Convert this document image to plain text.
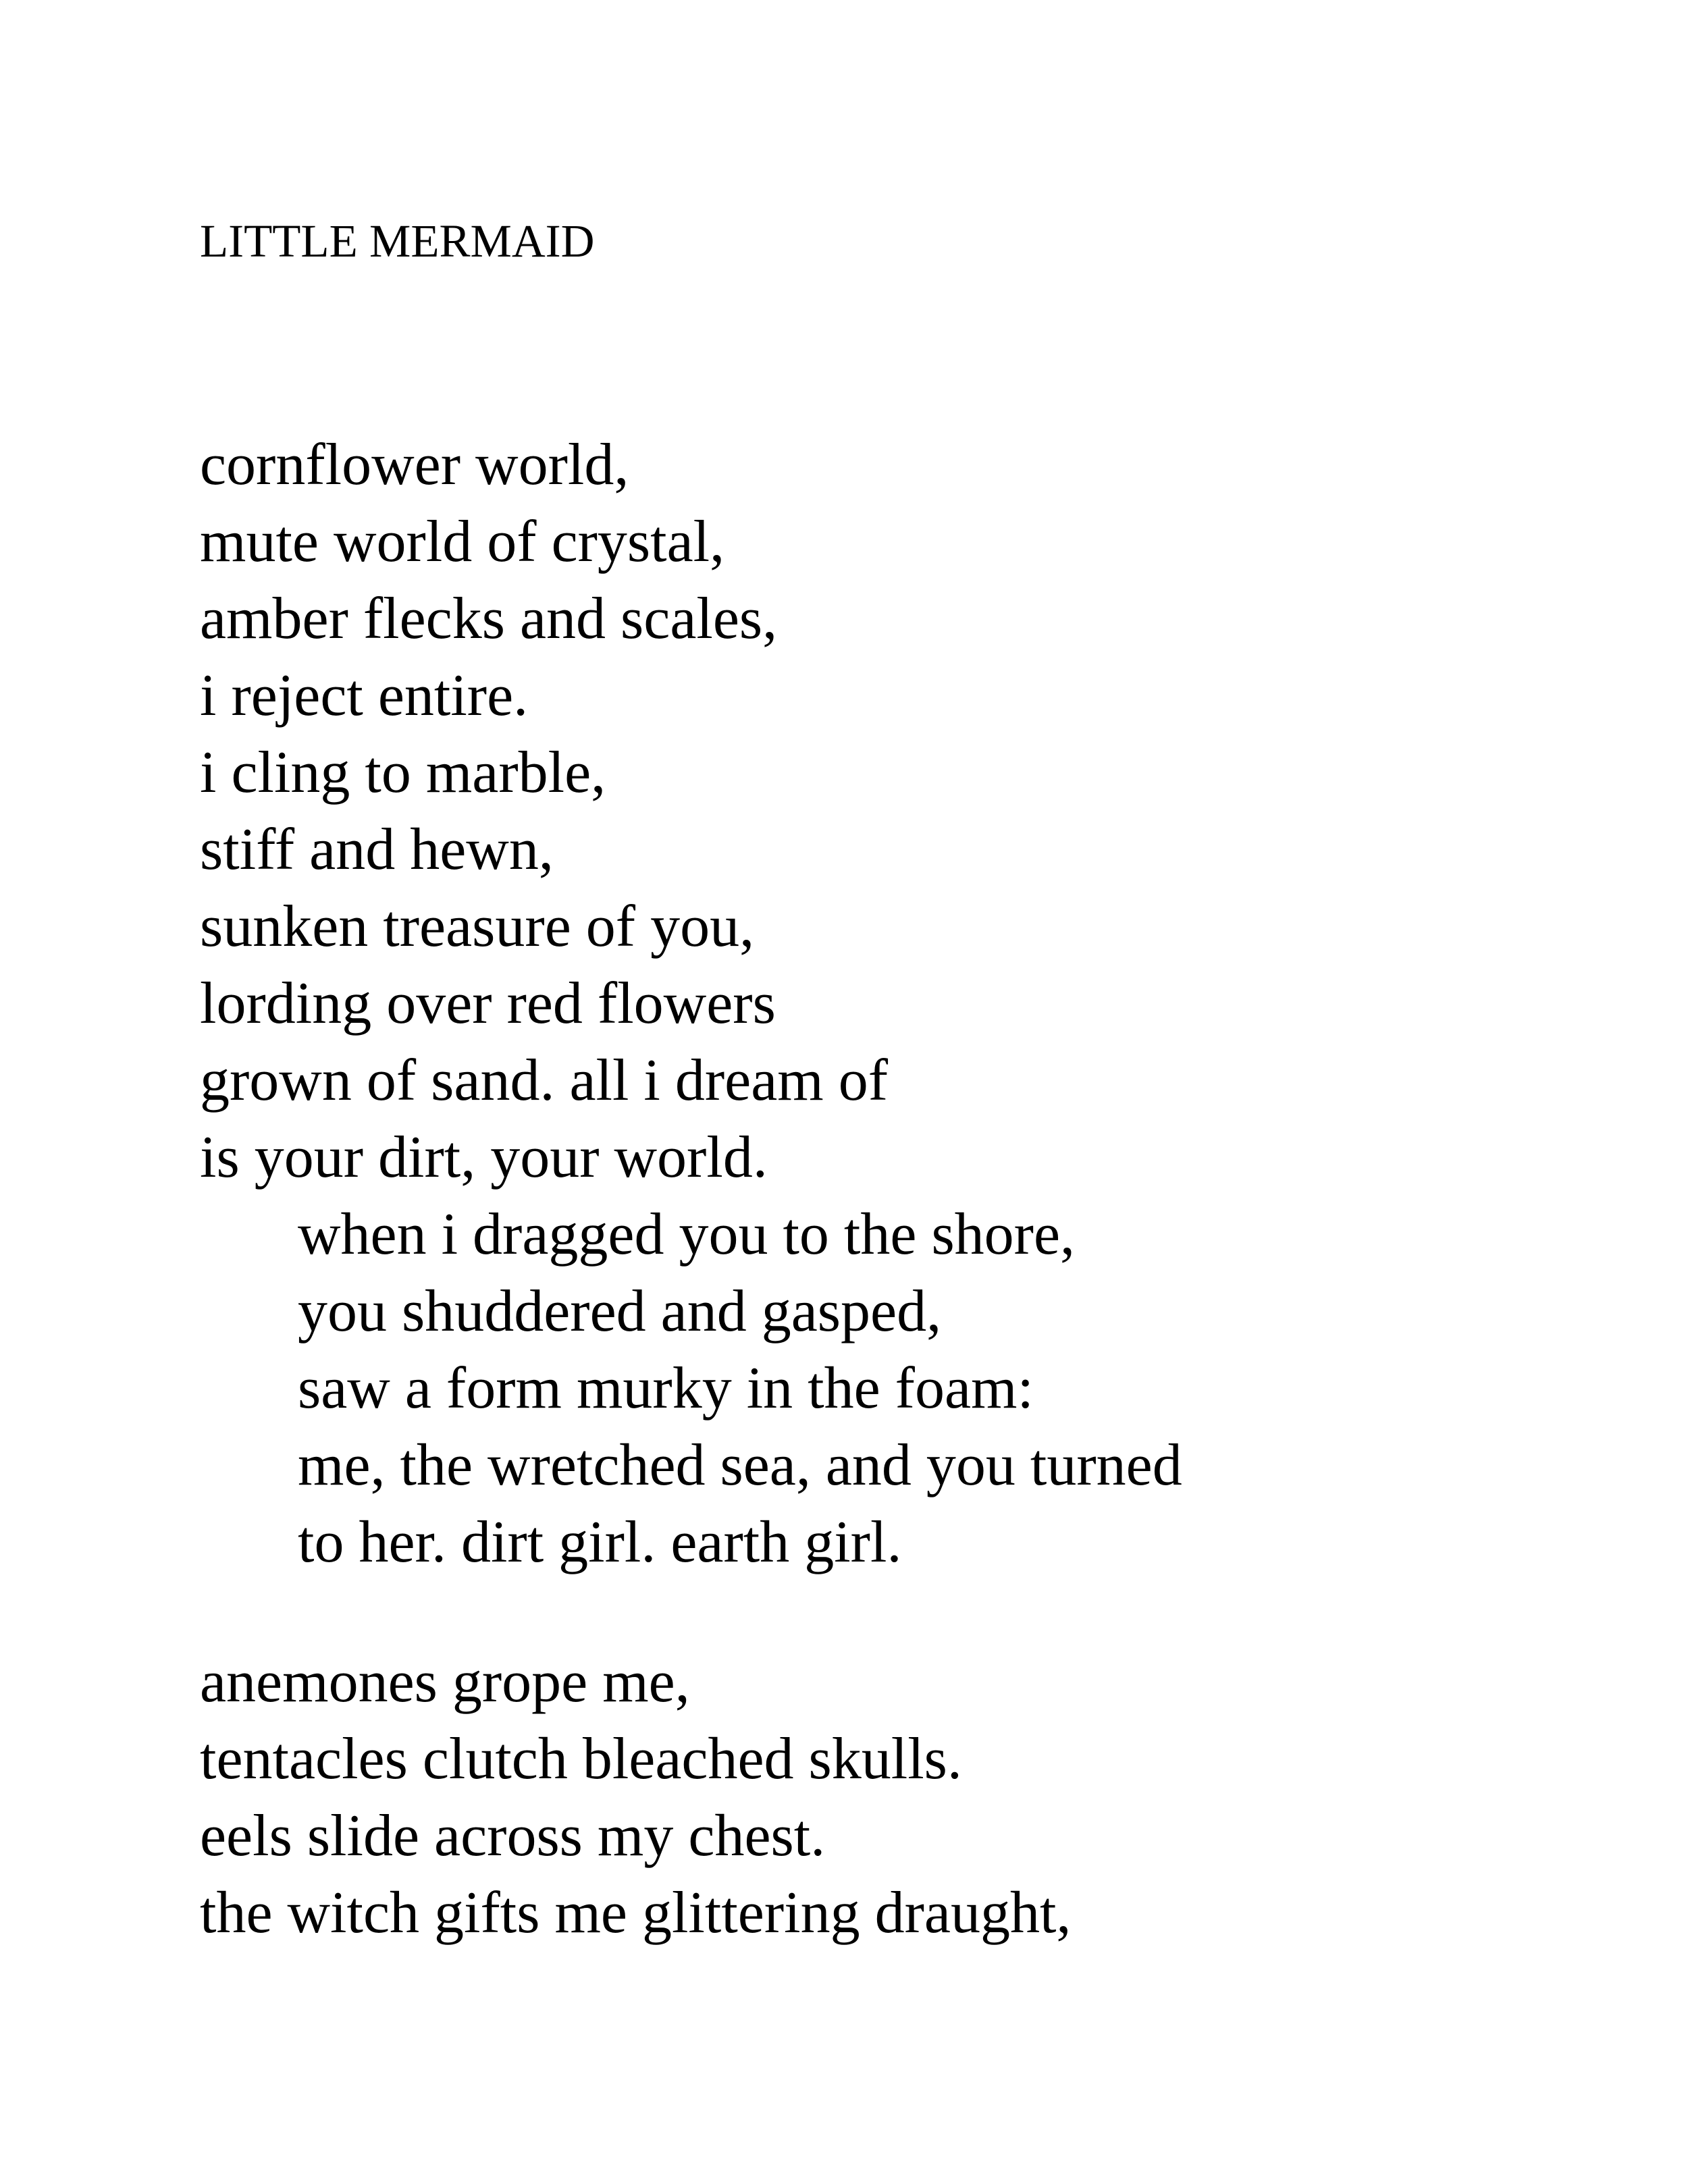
LITTLE MERMAID
cornflower world,
mute world of crystal,
amber flecks and scales,
i reject entire.
i cling to marble,
stiff and hewn,
sunken treasure of you,
lording over red flowers
grown of sand. all i dream of
is your dirt, your world.
when i dragged you to the shore,
you shuddered and gasped,
saw a form murky in the foam:
me, the wretched sea, and you turned
to her. dirt girl. earth girl.
anemones grope me,
tentacles clutch bleached skulls.
eels slide across my chest.
the witch gifts me glittering draught,
